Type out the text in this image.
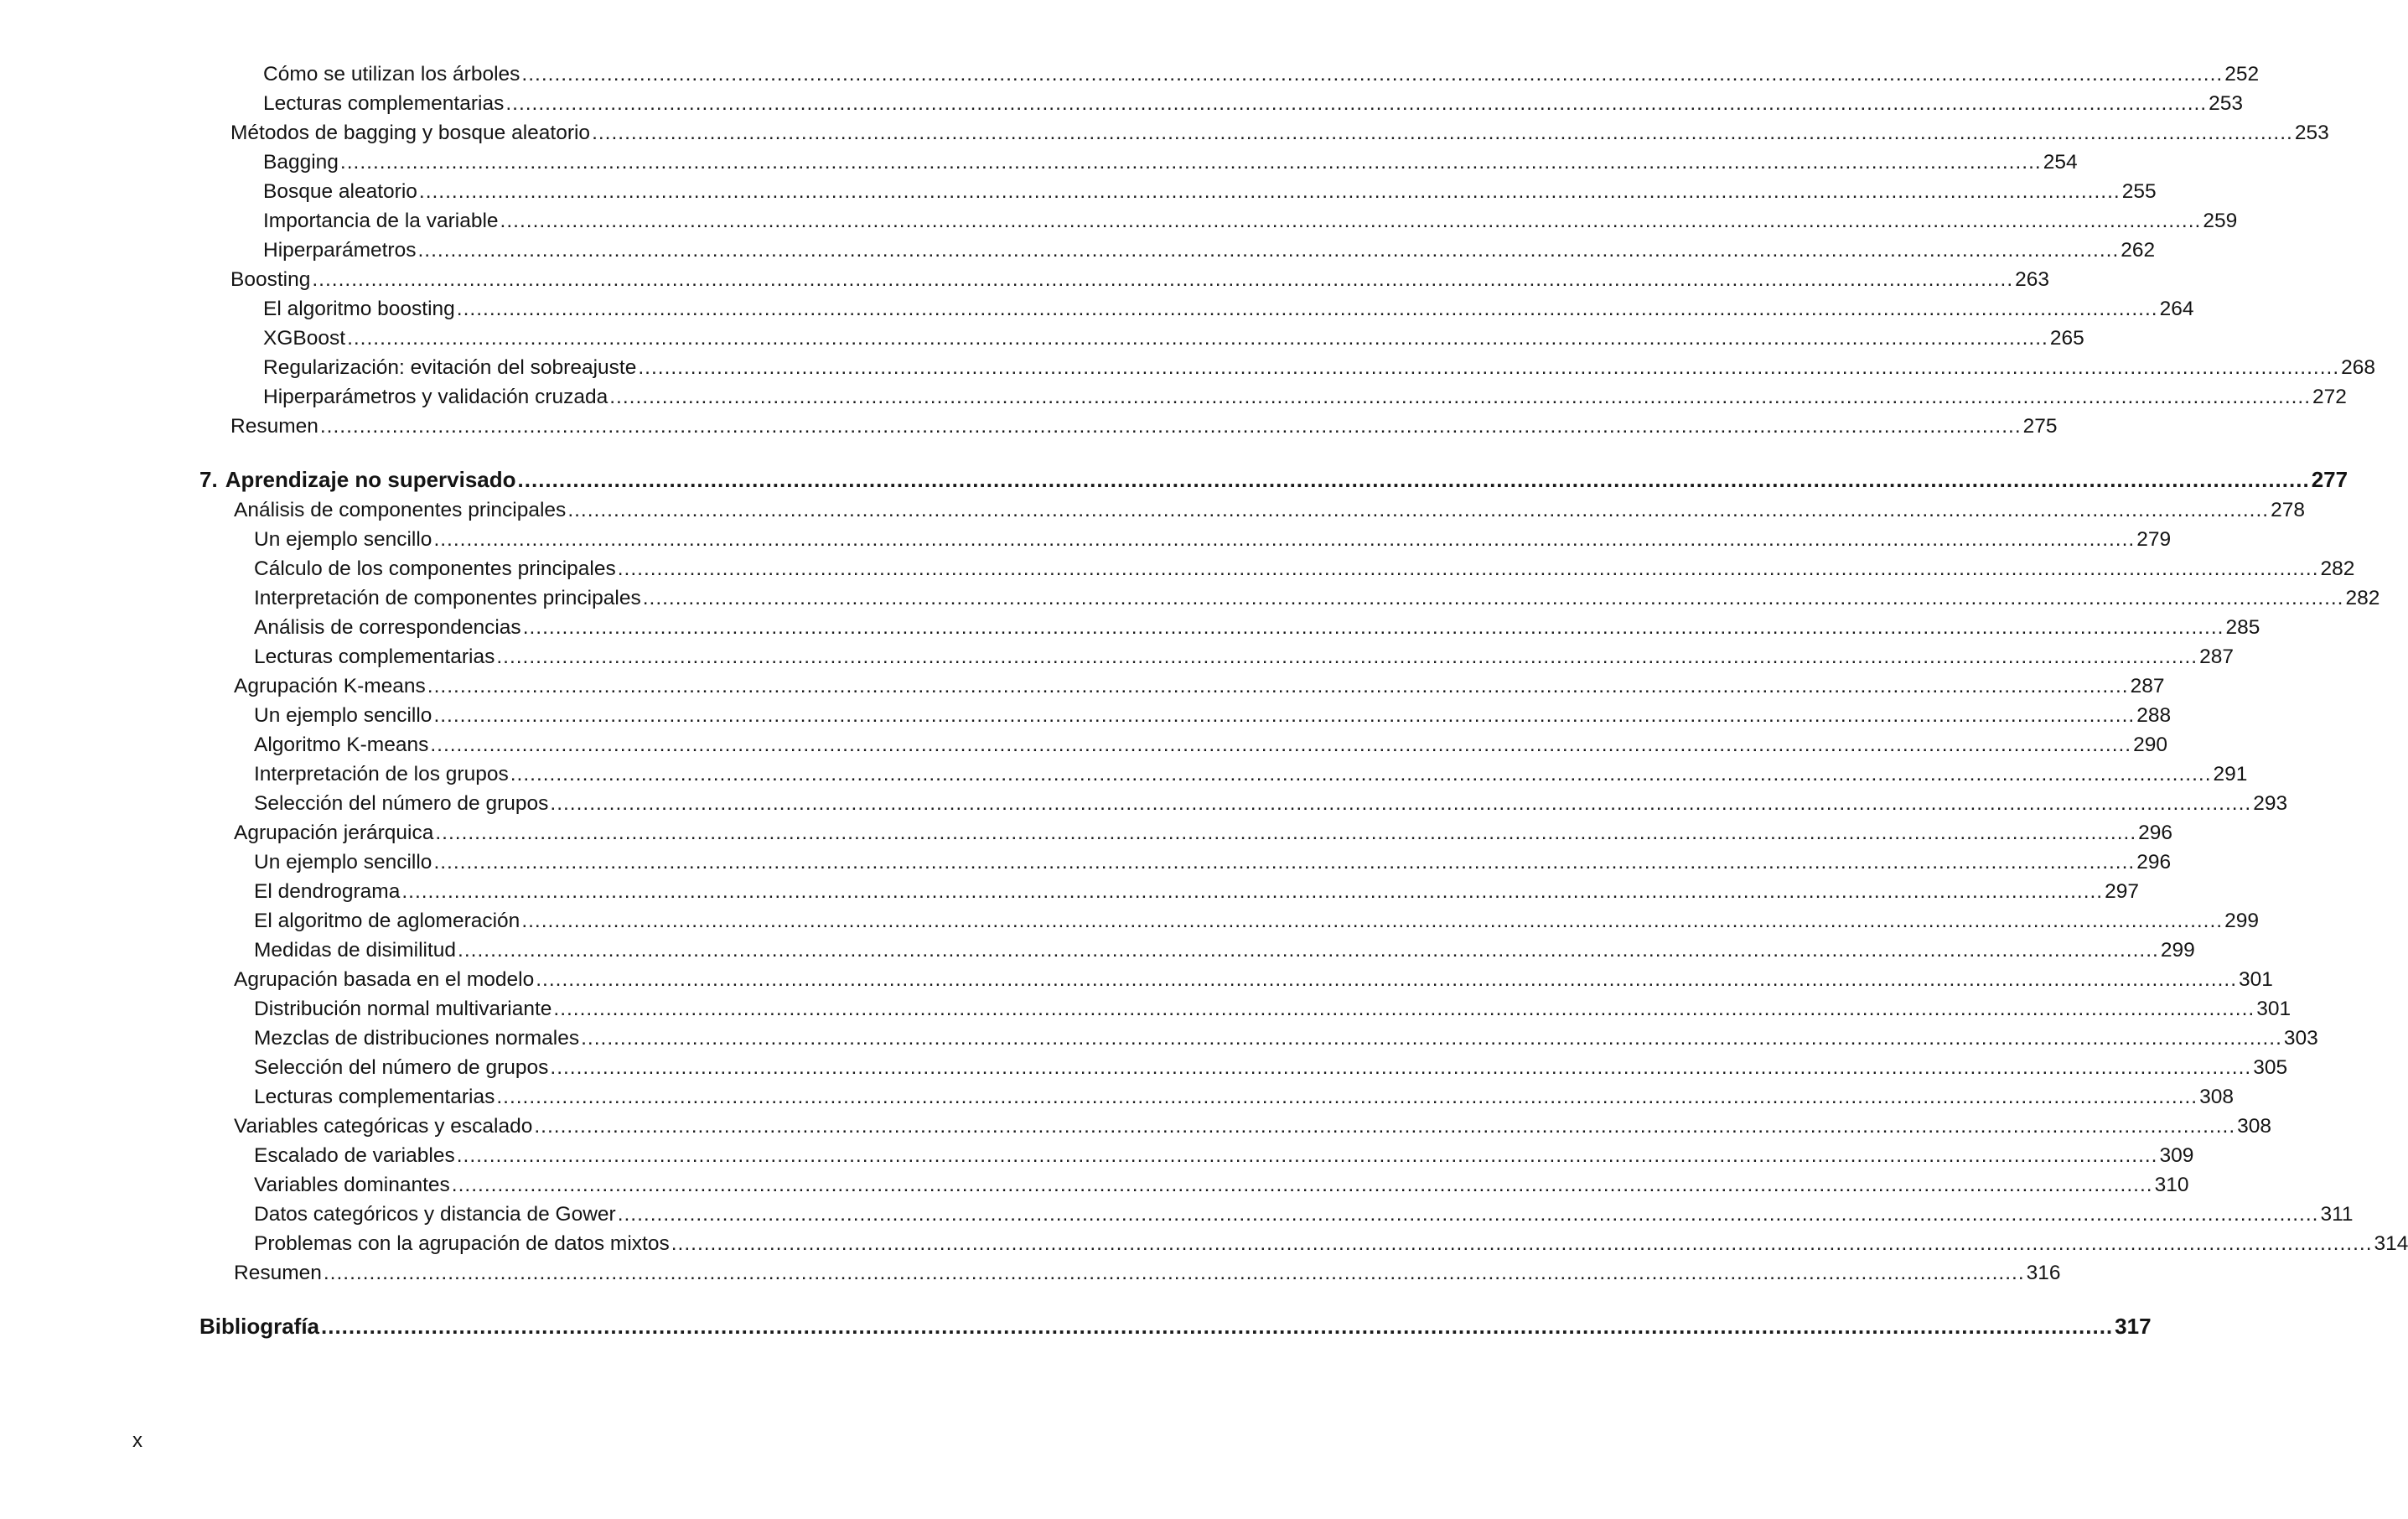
Cómo se utilizan los árboles .................................................................................................................................................................................................................................................................... 252
Lecturas complementarias .................................................................................................................................................................................................................................................................... 253
Métodos de bagging y bosque aleatorio .................................................................................................................................................................................................................................................................... 253
Bagging .................................................................................................................................................................................................................................................................... 254
Bosque aleatorio .................................................................................................................................................................................................................................................................... 255
Importancia de la variable .................................................................................................................................................................................................................................................................... 259
Hiperparámetros .................................................................................................................................................................................................................................................................... 262
Boosting .................................................................................................................................................................................................................................................................... 263
El algoritmo boosting .................................................................................................................................................................................................................................................................... 264
XGBoost .................................................................................................................................................................................................................................................................... 265
Regularización: evitación del sobreajuste .................................................................................................................................................................................................................................................................... 268
Hiperparámetros y validación cruzada .................................................................................................................................................................................................................................................................... 272
Resumen .................................................................................................................................................................................................................................................................... 275
7. Aprendizaje no supervisado .................................................................................................................................................................................................................................................................... 277
Análisis de componentes principales .................................................................................................................................................................................................................................................................... 278
Un ejemplo sencillo .................................................................................................................................................................................................................................................................... 279
Cálculo de los componentes principales .................................................................................................................................................................................................................................................................... 282
Interpretación de componentes principales .................................................................................................................................................................................................................................................................... 282
Análisis de correspondencias .................................................................................................................................................................................................................................................................... 285
Lecturas complementarias .................................................................................................................................................................................................................................................................... 287
Agrupación K-means .................................................................................................................................................................................................................................................................... 287
Un ejemplo sencillo .................................................................................................................................................................................................................................................................... 288
Algoritmo K-means .................................................................................................................................................................................................................................................................... 290
Interpretación de los grupos .................................................................................................................................................................................................................................................................... 291
Selección del número de grupos .................................................................................................................................................................................................................................................................... 293
Agrupación jerárquica .................................................................................................................................................................................................................................................................... 296
Un ejemplo sencillo .................................................................................................................................................................................................................................................................... 296
El dendrograma .................................................................................................................................................................................................................................................................... 297
El algoritmo de aglomeración .................................................................................................................................................................................................................................................................... 299
Medidas de disimilitud .................................................................................................................................................................................................................................................................... 299
Agrupación basada en el modelo .................................................................................................................................................................................................................................................................... 301
Distribución normal multivariante .................................................................................................................................................................................................................................................................... 301
Mezclas de distribuciones normales .................................................................................................................................................................................................................................................................... 303
Selección del número de grupos .................................................................................................................................................................................................................................................................... 305
Lecturas complementarias .................................................................................................................................................................................................................................................................... 308
Variables categóricas y escalado .................................................................................................................................................................................................................................................................... 308
Escalado de variables .................................................................................................................................................................................................................................................................... 309
Variables dominantes .................................................................................................................................................................................................................................................................... 310
Datos categóricos y distancia de Gower .................................................................................................................................................................................................................................................................... 311
Problemas con la agrupación de datos mixtos .................................................................................................................................................................................................................................................................... 314
Resumen .................................................................................................................................................................................................................................................................... 316
Bibliografía .................................................................................................................................................................................................................................................................... 317
x
